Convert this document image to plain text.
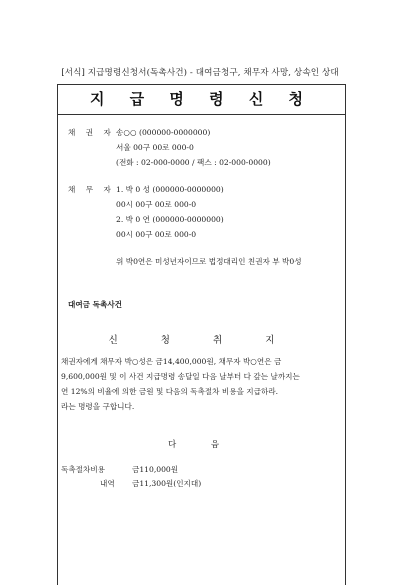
[서식] 지급명령신청서(독촉사건) - 대여금청구, 채무자 사망, 상속인 상대
지 급 명 령 신 청
채 권 자 송○○ (000000-0000000)
서울 00구 00로 000-0
(전화 : 02-000-0000 / 팩스 : 02-000-0000)
채 무 자 1. 박 0 성 (000000-0000000)
00시 00구 00로 000-0
2. 박 0 연 (000000-0000000)
00시 00구 00로 000-0
위 박0연은 미성년자이므로 법정대리인 친권자 부 박0성
대여금 독촉사건
신 청 취 지
채권자에게 채무자 박○성은 금14,400,000원, 채무자 박○연은 금
9,600,000원 및 이 사건 지급명령 송달일 다음 날부터 다 갚는 날까지는
연 12%의 비율에 의한 금원 및 다음의 독촉절차 비용을 지급하라.
라는 명령을 구합니다.
다 음
독촉절차비용	금110,000원
내역 금11,300원(인지대)
